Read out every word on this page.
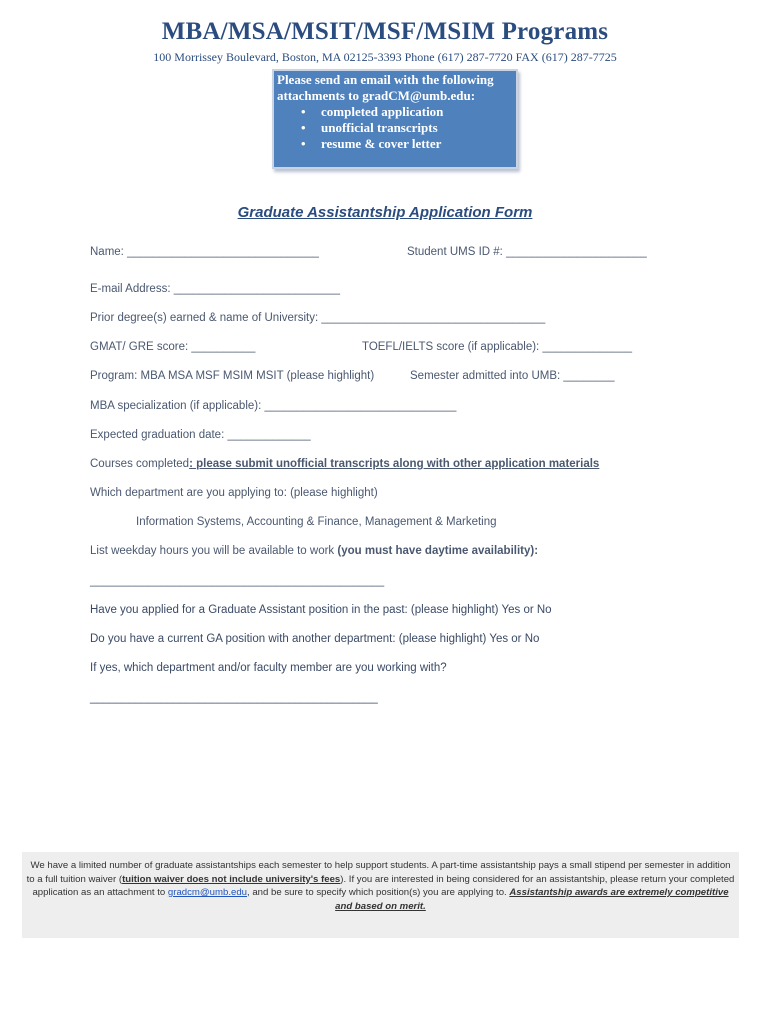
MBA/MSA/MSIT/MSF/MSIM Programs
100 Morrissey Boulevard, Boston, MA 02125-3393 Phone (617) 287-7720 FAX (617) 287-7725
Please send an email with the following attachments to gradCM@umb.edu:
• completed application
• unofficial transcripts
• resume & cover letter
Graduate Assistantship Application Form
Name: ______________________________	Student UMS ID #: ______________________
E-mail Address: __________________________
Prior degree(s) earned & name of University: ___________________________________
GMAT/ GRE score: __________	TOEFL/IELTS score (if applicable): ______________
Program: MBA MSA MSF MSIM MSIT (please highlight)	Semester admitted into UMB: ________
MBA specialization (if applicable): ______________________________
Expected graduation date: _____________
Courses completed: please submit unofficial transcripts along with other application materials
Which department are you applying to: (please highlight)
Information Systems, Accounting & Finance, Management & Marketing
List weekday hours you will be available to work (you must have daytime availability):
______________________________________________
Have you applied for a Graduate Assistant position in the past: (please highlight) Yes or No
Do you have a current GA position with another department: (please highlight) Yes or No
If yes, which department and/or faculty member are you working with?
_____________________________________________
We have a limited number of graduate assistantships each semester to help support students. A part-time assistantship pays a small stipend per semester in addition to a full tuition waiver (tuition waiver does not include university's fees). If you are interested in being considered for an assistantship, please return your completed application as an attachment to gradcm@umb.edu, and be sure to specify which position(s) you are applying to. Assistantship awards are extremely competitive and based on merit.
